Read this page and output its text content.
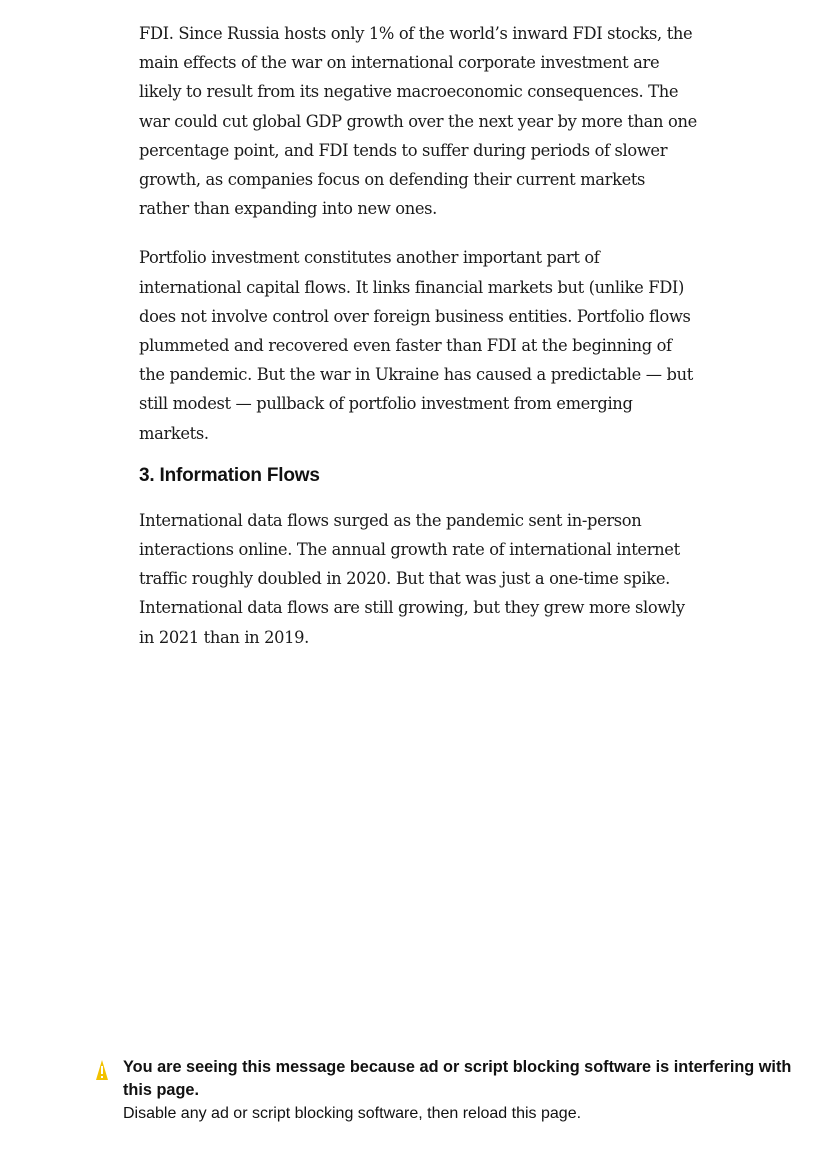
FDI. Since Russia hosts only 1% of the world’s inward FDI stocks, the main effects of the war on international corporate investment are likely to result from its negative macroeconomic consequences. The war could cut global GDP growth over the next year by more than one percentage point, and FDI tends to suffer during periods of slower growth, as companies focus on defending their current markets rather than expanding into new ones.

Portfolio investment constitutes another important part of international capital flows. It links financial markets but (unlike FDI) does not involve control over foreign business entities. Portfolio flows plummeted and recovered even faster than FDI at the beginning of the pandemic. But the war in Ukraine has caused a predictable — but still modest — pullback of portfolio investment from emerging markets.

3. Information Flows

International data flows surged as the pandemic sent in-person interactions online. The annual growth rate of international internet traffic roughly doubled in 2020. But that was just a one-time spike. International data flows are still growing, but they grew more slowly in 2021 than in 2019.

You are seeing this message because ad or script blocking software is interfering with this page.

Disable any ad or script blocking software, then reload this page.
